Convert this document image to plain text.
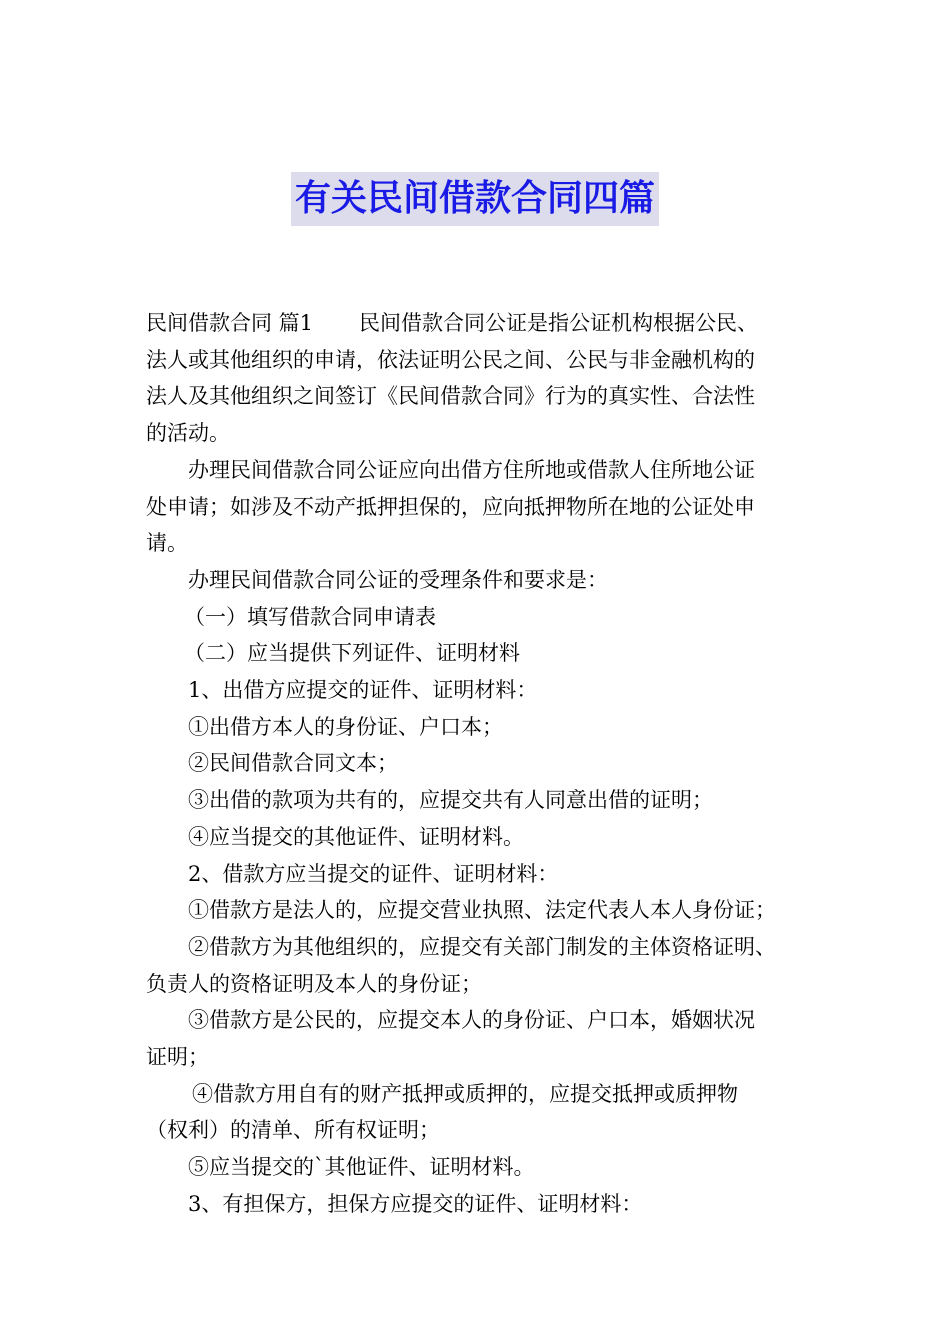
有关民间借款合同四篇

民间借款合同 篇1 民间借款合同公证是指公证机构根据公民、

法人或其他组织的申请，依法证明公民之间、公民与非金融机构的

法人及其他组织之间签订《民间借款合同》行为的真实性、合法性

的活动。

办理民间借款合同公证应向出借方住所地或借款人住所地公证

处申请；如涉及不动产抵押担保的，应向抵押物所在地的公证处申

请。

办理民间借款合同公证的受理条件和要求是：

（一）填写借款合同申请表

（二）应当提供下列证件、证明材料

1、出借方应提交的证件、证明材料：

①出借方本人的身份证、户口本；

②民间借款合同文本；

③出借的款项为共有的，应提交共有人同意出借的证明；

④应当提交的其他证件、证明材料。

2、借款方应当提交的证件、证明材料：

①借款方是法人的，应提交营业执照、法定代表人本人身份证；

②借款方为其他组织的，应提交有关部门制发的主体资格证明、

负责人的资格证明及本人的身份证；

③借款方是公民的，应提交本人的身份证、户口本，婚姻状况

证明；

④借款方用自有的财产抵押或质押的，应提交抵押或质押物

（权利）的清单、所有权证明；

⑤应当提交的`其他证件、证明材料。

3、有担保方，担保方应提交的证件、证明材料：
